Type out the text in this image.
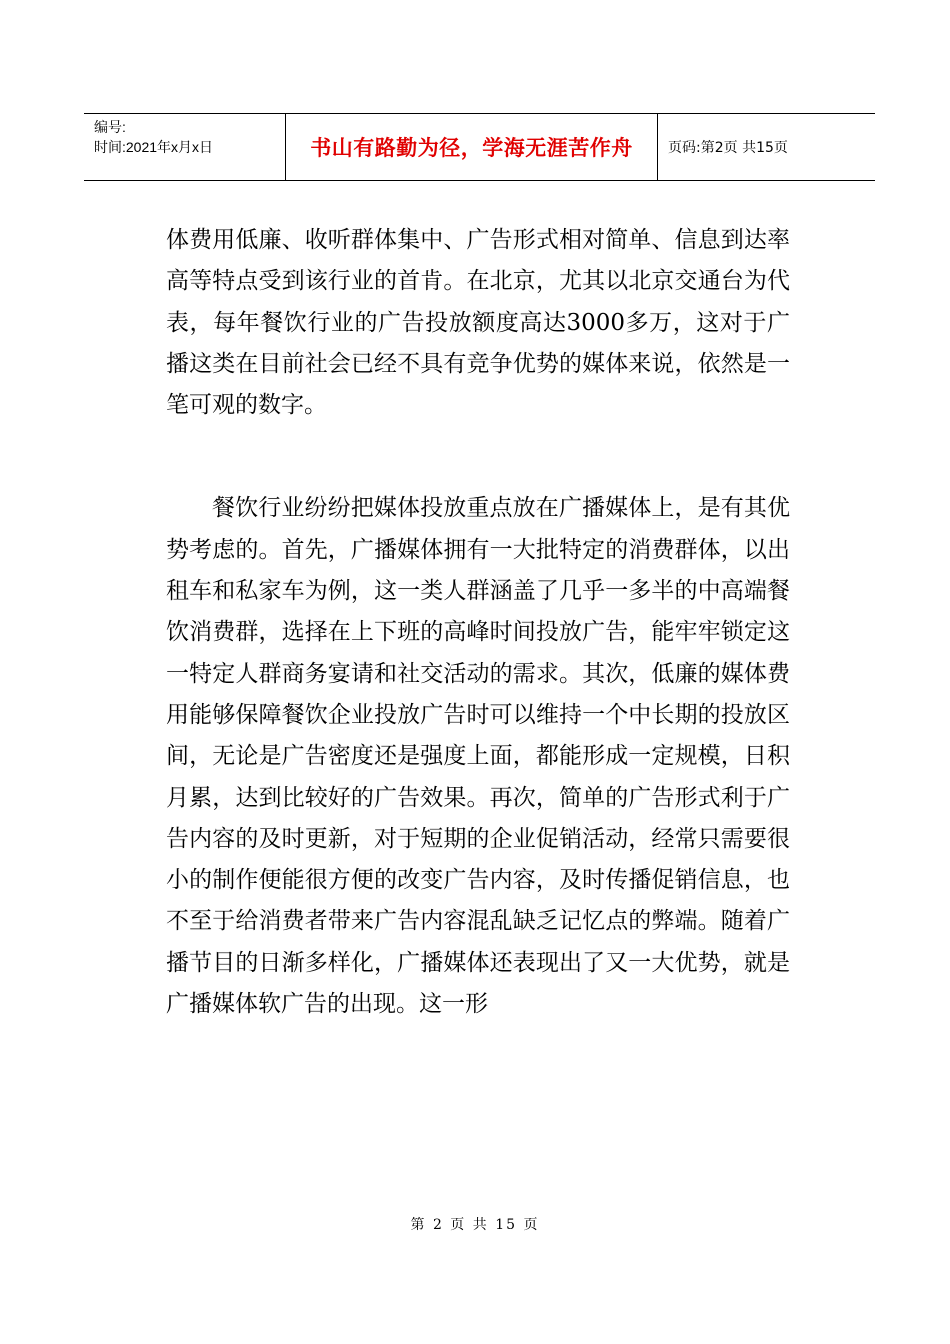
编号:
时间:2021年x月x日	书山有路勤为径，学海无涯苦作舟	页码:第2页 共15页

体费用低廉、收听群体集中、广告形式相对简单、信息到达率高等特点受到该行业的首肯。在北京，尤其以北京交通台为代表，每年餐饮行业的广告投放额度高达3000多万，这对于广播这类在目前社会已经不具有竞争优势的媒体来说，依然是一笔可观的数字。

餐饮行业纷纷把媒体投放重点放在广播媒体上，是有其优势考虑的。首先，广播媒体拥有一大批特定的消费群体，以出租车和私家车为例，这一类人群涵盖了几乎一多半的中高端餐饮消费群，选择在上下班的高峰时间投放广告，能牢牢锁定这一特定人群商务宴请和社交活动的需求。其次，低廉的媒体费用能够保障餐饮企业投放广告时可以维持一个中长期的投放区间，无论是广告密度还是强度上面，都能形成一定规模，日积月累，达到比较好的广告效果。再次，简单的广告形式利于广告内容的及时更新，对于短期的企业促销活动，经常只需要很小的制作便能很方便的改变广告内容，及时传播促销信息，也不至于给消费者带来广告内容混乱缺乏记忆点的弊端。随着广播节目的日渐多样化，广播媒体还表现出了又一大优势，就是广播媒体软广告的出现。这一形

第 2 页 共 15 页
